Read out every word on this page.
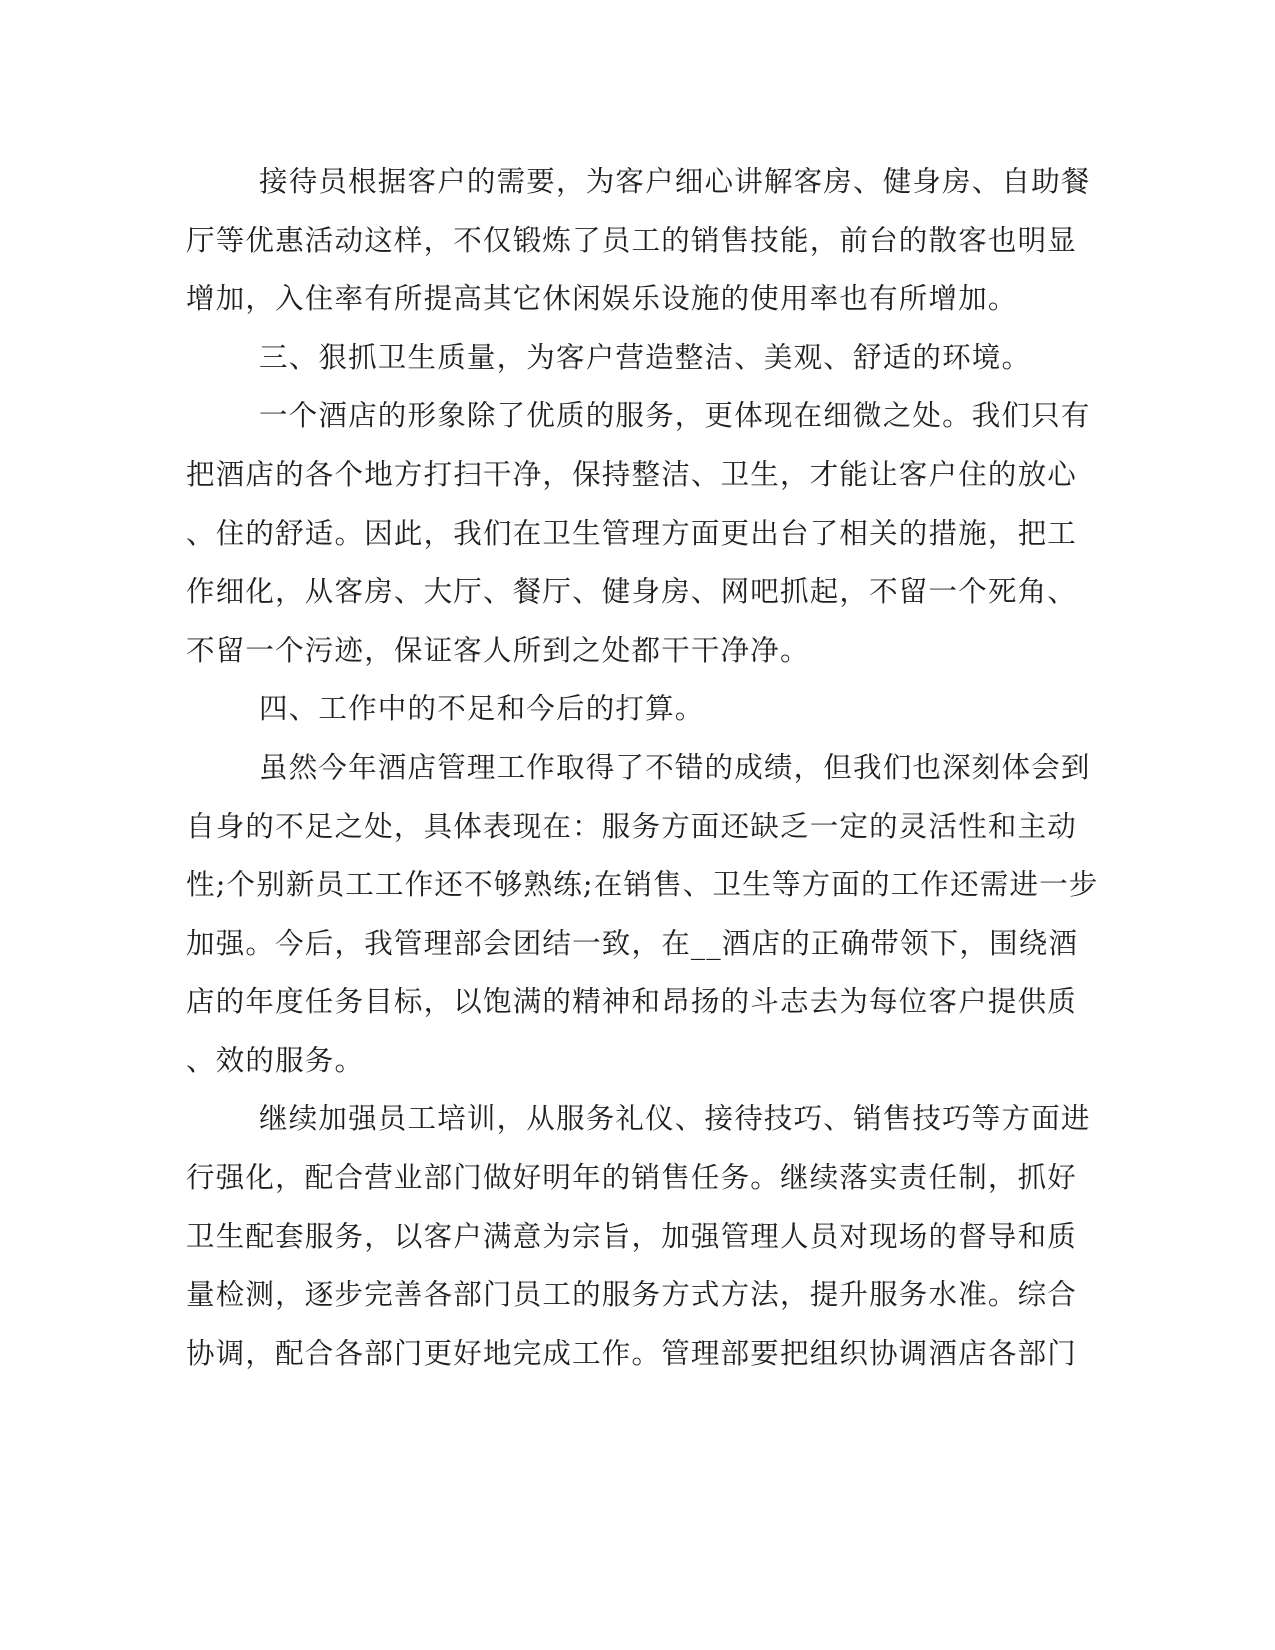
接待员根据客户的需要，为客户细心讲解客房、健身房、自助餐
厅等优惠活动这样，不仅锻炼了员工的销售技能，前台的散客也明显
增加，入住率有所提高其它休闲娱乐设施的使用率也有所增加。
三、狠抓卫生质量，为客户营造整洁、美观、舒适的环境。
一个酒店的形象除了优质的服务，更体现在细微之处。我们只有
把酒店的各个地方打扫干净，保持整洁、卫生，才能让客户住的放心
、住的舒适。因此，我们在卫生管理方面更出台了相关的措施，把工
作细化，从客房、大厅、餐厅、健身房、网吧抓起，不留一个死角、
不留一个污迹，保证客人所到之处都干干净净。
四、工作中的不足和今后的打算。
虽然今年酒店管理工作取得了不错的成绩，但我们也深刻体会到
自身的不足之处，具体表现在：服务方面还缺乏一定的灵活性和主动
性;个别新员工工作还不够熟练;在销售、卫生等方面的工作还需进一步
加强。今后，我管理部会团结一致，在__酒店的正确带领下，围绕酒
店的年度任务目标，以饱满的精神和昂扬的斗志去为每位客户提供质
、效的服务。
继续加强员工培训，从服务礼仪、接待技巧、销售技巧等方面进
行强化，配合营业部门做好明年的销售任务。继续落实责任制，抓好
卫生配套服务，以客户满意为宗旨，加强管理人员对现场的督导和质
量检测，逐步完善各部门员工的服务方式方法，提升服务水准。综合
协调，配合各部门更好地完成工作。管理部要把组织协调酒店各部门
